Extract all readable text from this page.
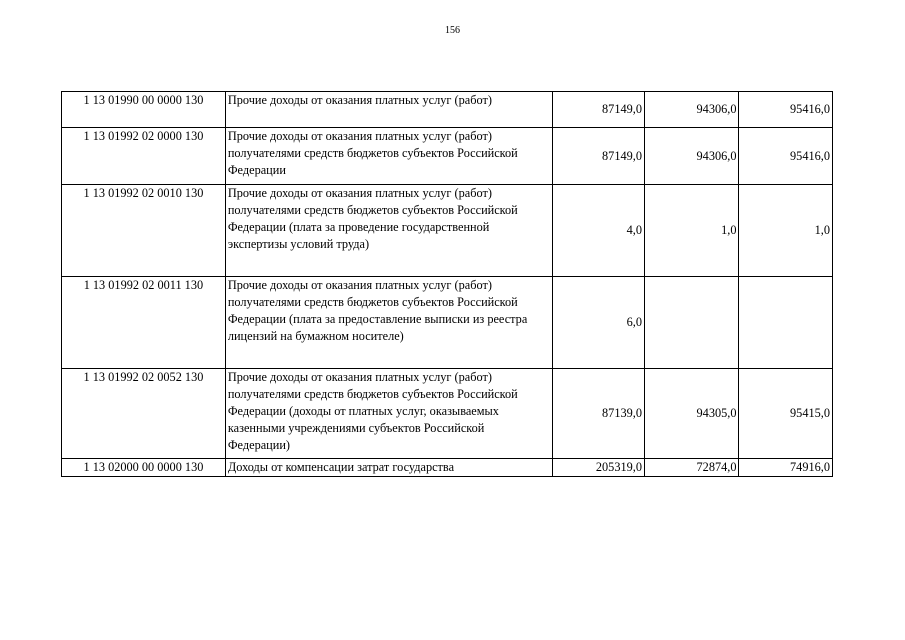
156
1 13 01990 00 0000 130	Прочие доходы от оказания платных услуг (работ)	87149,0	94306,0	95416,0
1 13 01992 02 0000 130	Прочие доходы от оказания платных услуг (работ) получателями средств бюджетов субъектов Российской Федерации	87149,0	94306,0	95416,0
1 13 01992 02 0010 130	Прочие доходы от оказания платных услуг (работ) получателями средств бюджетов субъектов Российской Федерации (плата за проведение государственной экспертизы условий труда)	4,0	1,0	1,0
1 13 01992 02 0011 130	Прочие доходы от оказания платных услуг (работ) получателями средств бюджетов субъектов Российской Федерации (плата за предоставление выписки из реестра лицензий на бумажном носителе)	6,0		
1 13 01992 02 0052 130	Прочие доходы от оказания платных услуг (работ) получателями средств бюджетов субъектов Российской Федерации (доходы от платных услуг, оказываемых казенными учреждениями субъектов Российской Федерации)	87139,0	94305,0	95415,0
1 13 02000 00 0000 130	Доходы от компенсации затрат государства	205319,0	72874,0	74916,0
